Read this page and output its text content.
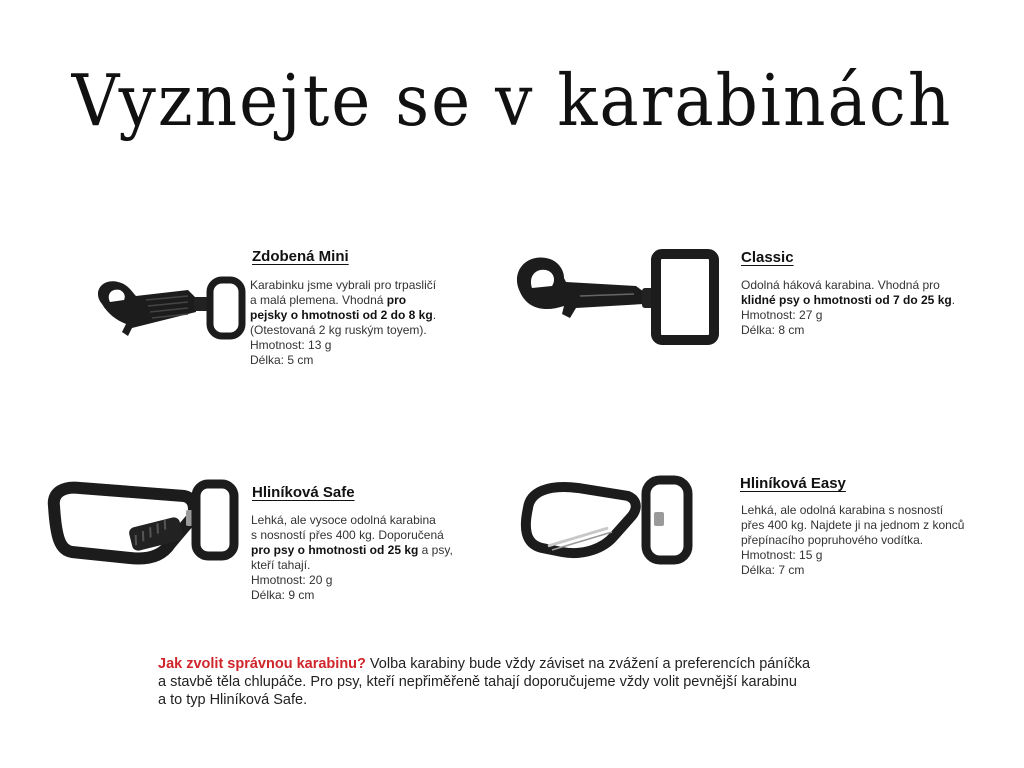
Vyznejte se v karabinách
Zdobená Mini
Karabinku jsme vybrali pro trpasličí
a malá plemena. Vhodná pro
pejsky o hmotnosti od 2 do 8 kg.
(Otestovaná 2 kg ruským toyem).
Hmotnost: 13 g
Délka: 5 cm
Classic
Odolná háková karabina. Vhodná pro
klidné psy o hmotnosti od 7 do 25 kg.
Hmotnost: 27 g
Délka: 8 cm
Hliníková Safe
Lehká, ale vysoce odolná karabina
s nosností přes 400 kg. Doporučená
pro psy o hmotnosti od 25 kg a psy,
kteří tahají.
Hmotnost: 20 g
Délka: 9 cm
Hliníková Easy
Lehká, ale odolná karabina s nosností
přes 400 kg. Najdete ji na jednom z konců
přepínacího popruhového vodítka.
Hmotnost: 15 g
Délka: 7 cm
Jak zvolit správnou karabinu? Volba karabiny bude vždy záviset na zvážení a preferencích páníčka
a stavbě těla chlupáče. Pro psy, kteří nepřiměřeně tahají doporučujeme vždy volit pevnější karabinu
a to typ Hliníková Safe.
